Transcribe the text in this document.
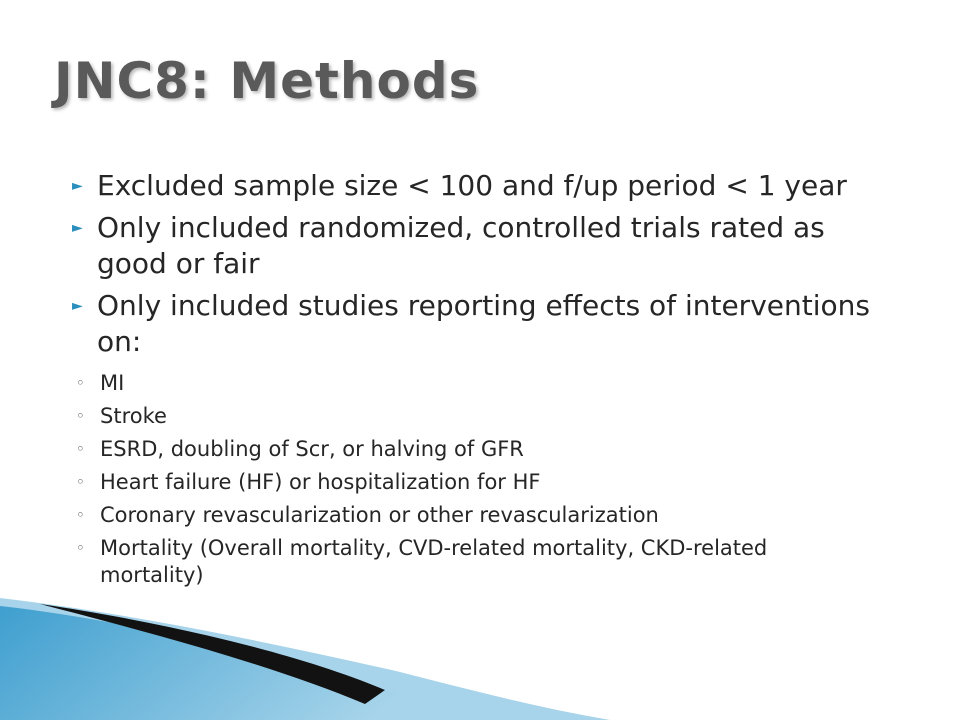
JNC8: Methods
► Excluded sample size < 100 and f/up period < 1 year
► Only included randomized, controlled trials rated as good or fair
► Only included studies reporting effects of interventions on:
◦ MI
◦ Stroke
◦ ESRD, doubling of Scr, or halving of GFR
◦ Heart failure (HF) or hospitalization for HF
◦ Coronary revascularization or other revascularization
◦ Mortality (Overall mortality, CVD-related mortality, CKD-related mortality)
